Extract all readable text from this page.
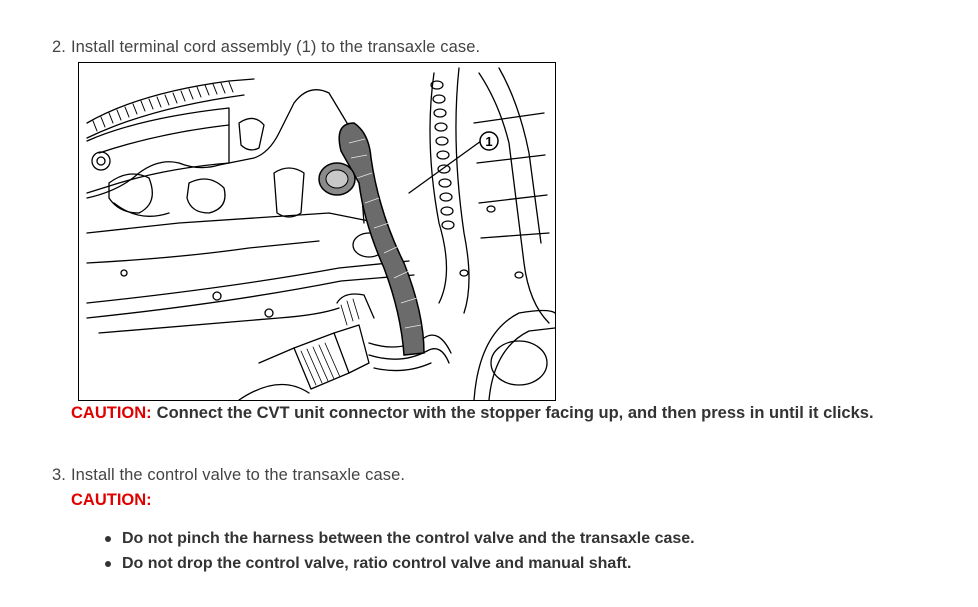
2. Install terminal cord assembly (1) to the transaxle case.
1
CAUTION: Connect the CVT unit connector with the stopper facing up, and then press in until it clicks.
3. Install the control valve to the transaxle case.
CAUTION:
Do not pinch the harness between the control valve and the transaxle case.
Do not drop the control valve, ratio control valve and manual shaft.
